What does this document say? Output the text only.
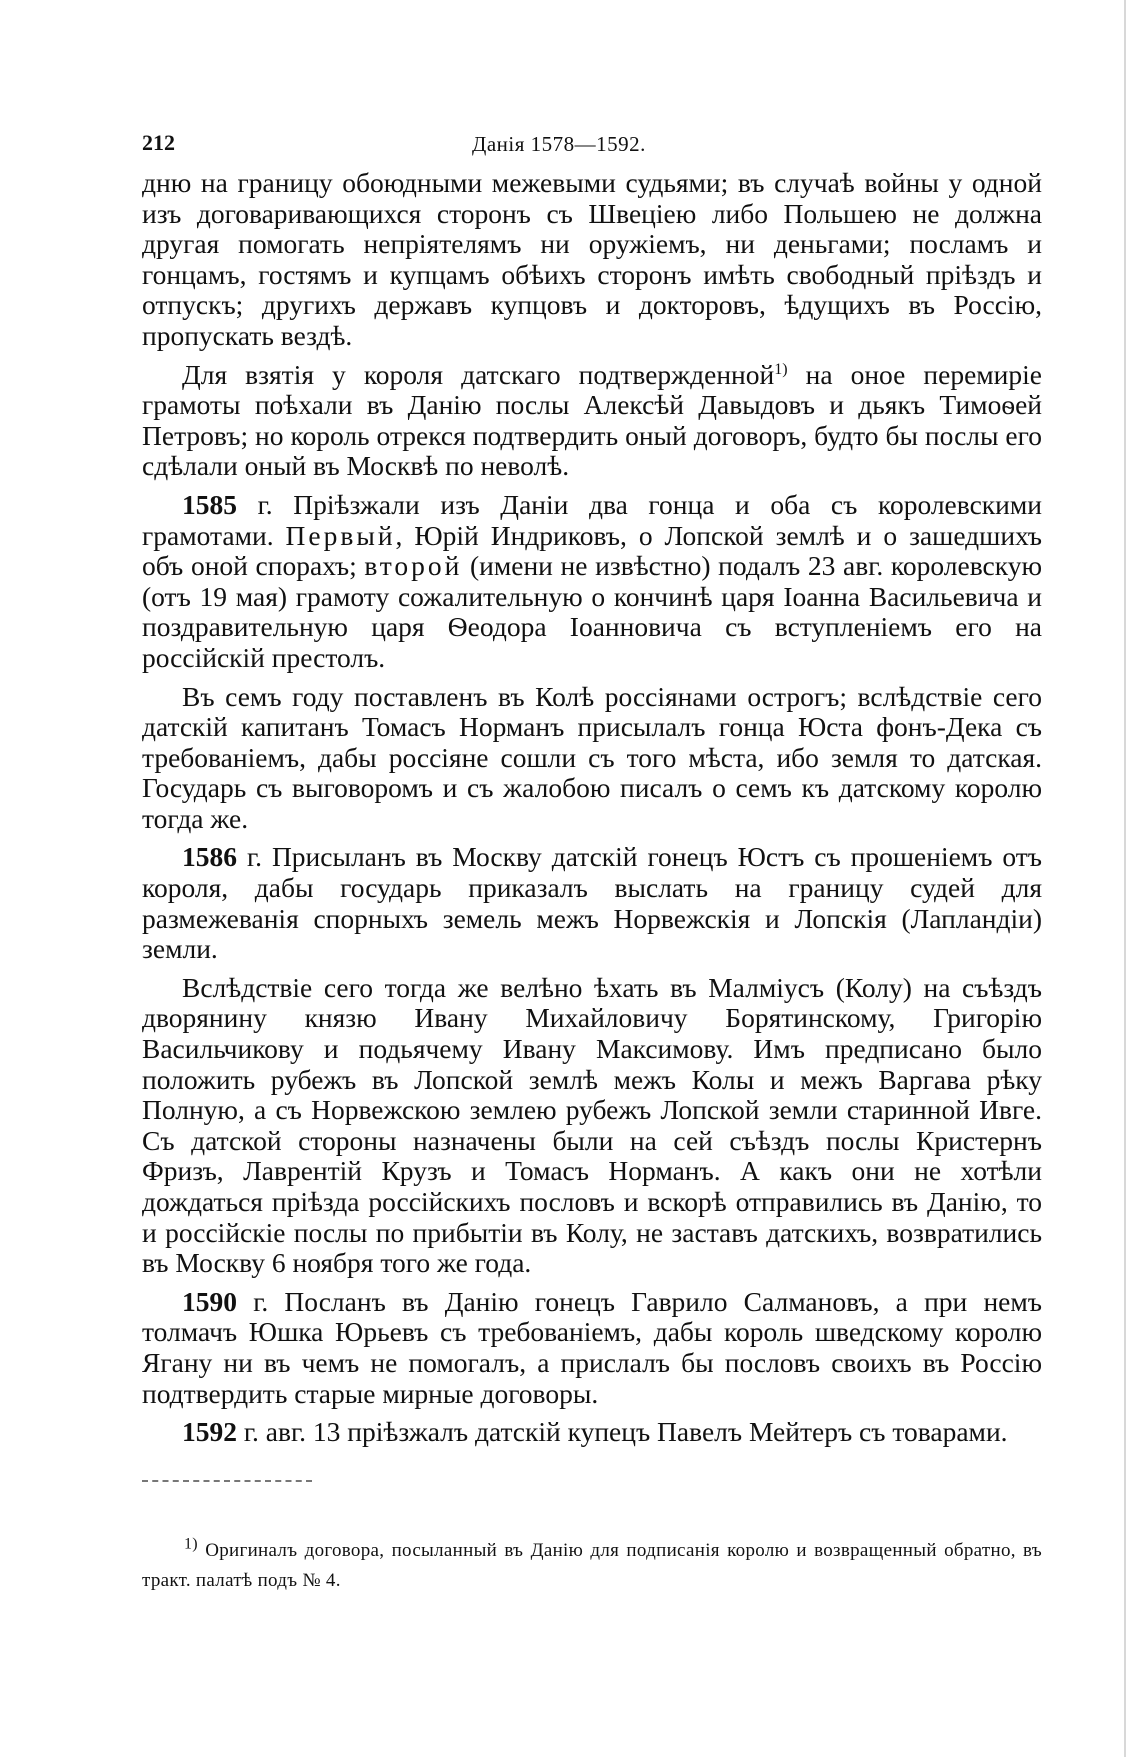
212	Данія 1578—1592.

дню на границу обоюдными межевыми судьями; въ случаѣ войны у одной изъ договаривающихся сторонъ съ Швеціею либо Польшею не должна другая помогать непріятелямъ ни оружіемъ, ни деньгами; посламъ и гонцамъ, гостямъ и купцамъ обѣихъ сторонъ имѣть свободный пріѣздъ и отпускъ; другихъ державъ купцовъ и докторовъ, ѣдущихъ въ Россію, пропускать вездѣ.

Для взятія у короля датскаго подтвержденной$^{1)}$ на оное перемиріе грамоты поѣхали въ Данію послы Алексѣй Давыдовъ и дьякъ Тимоѳей Петровъ; но король отрекся подтвердить оный договоръ, будто бы послы его сдѣлали оный въ Москвѣ по неволѣ.

1585 г. Пріѣзжали изъ Даніи два гонца и оба съ королевскими грамотами. Первый, Юрій Индриковъ, о Лопской землѣ и о зашедшихъ объ оной спорахъ; второй (имени не извѣстно) подалъ 23 авг. королевскую (отъ 19 мая) грамоту сожалительную о кончинѣ царя Іоанна Васильевича и поздравительную царя Ѳеодора Іоанновича съ вступленіемъ его на россійскій престолъ.

Въ семъ году поставленъ въ Колѣ россіянами острогъ; вслѣдствіе сего датскій капитанъ Томасъ Норманъ присылалъ гонца Юста фонъ-Дека съ требованіемъ, дабы россіяне сошли съ того мѣста, ибо земля то датская. Государь съ выговоромъ и съ жалобою писалъ о семъ къ датскому королю тогда же.

1586 г. Присыланъ въ Москву датскій гонецъ Юстъ съ прошеніемъ отъ короля, дабы государь приказалъ выслать на границу судей для размежеванія спорныхъ земель межъ Норвежскія и Лопскія (Лапландіи) земли.

Вслѣдствіе сего тогда же велѣно ѣхать въ Малміусъ (Колу) на съѣздъ дворянину князю Ивану Михайловичу Борятинскому, Григорію Васильчикову и подьячему Ивану Максимову. Имъ предписано было положить рубежъ въ Лопской землѣ межъ Колы и межъ Варгава рѣку Полную, а съ Норвежскою землею рубежъ Лопской земли старинной Ивге. Съ датской стороны назначены были на сей съѣздъ послы Кристернъ Фризъ, Лаврентій Крузъ и Томасъ Норманъ. А какъ они не хотѣли дождаться пріѣзда россійскихъ пословъ и вскорѣ отправились въ Данію, то и россійскіе послы по прибытіи въ Колу, не заставъ датскихъ, возвратились въ Москву 6 ноября того же года.

1590 г. Посланъ въ Данію гонецъ Гаврило Салмановъ, а при немъ толмачъ Юшка Юрьевъ съ требованіемъ, дабы король шведскому королю Ягану ни въ чемъ не помогалъ, а прислалъ бы пословъ своихъ въ Россію подтвердить старые мирные договоры.

1592 г. авг. 13 пріѣзжалъ датскій купецъ Павелъ Мейтеръ съ товарами.

$^{1)}$ Оригиналъ договора, посыланный въ Данію для подписанія королю и возвращенный обратно, въ тракт. палатѣ подъ № 4.
